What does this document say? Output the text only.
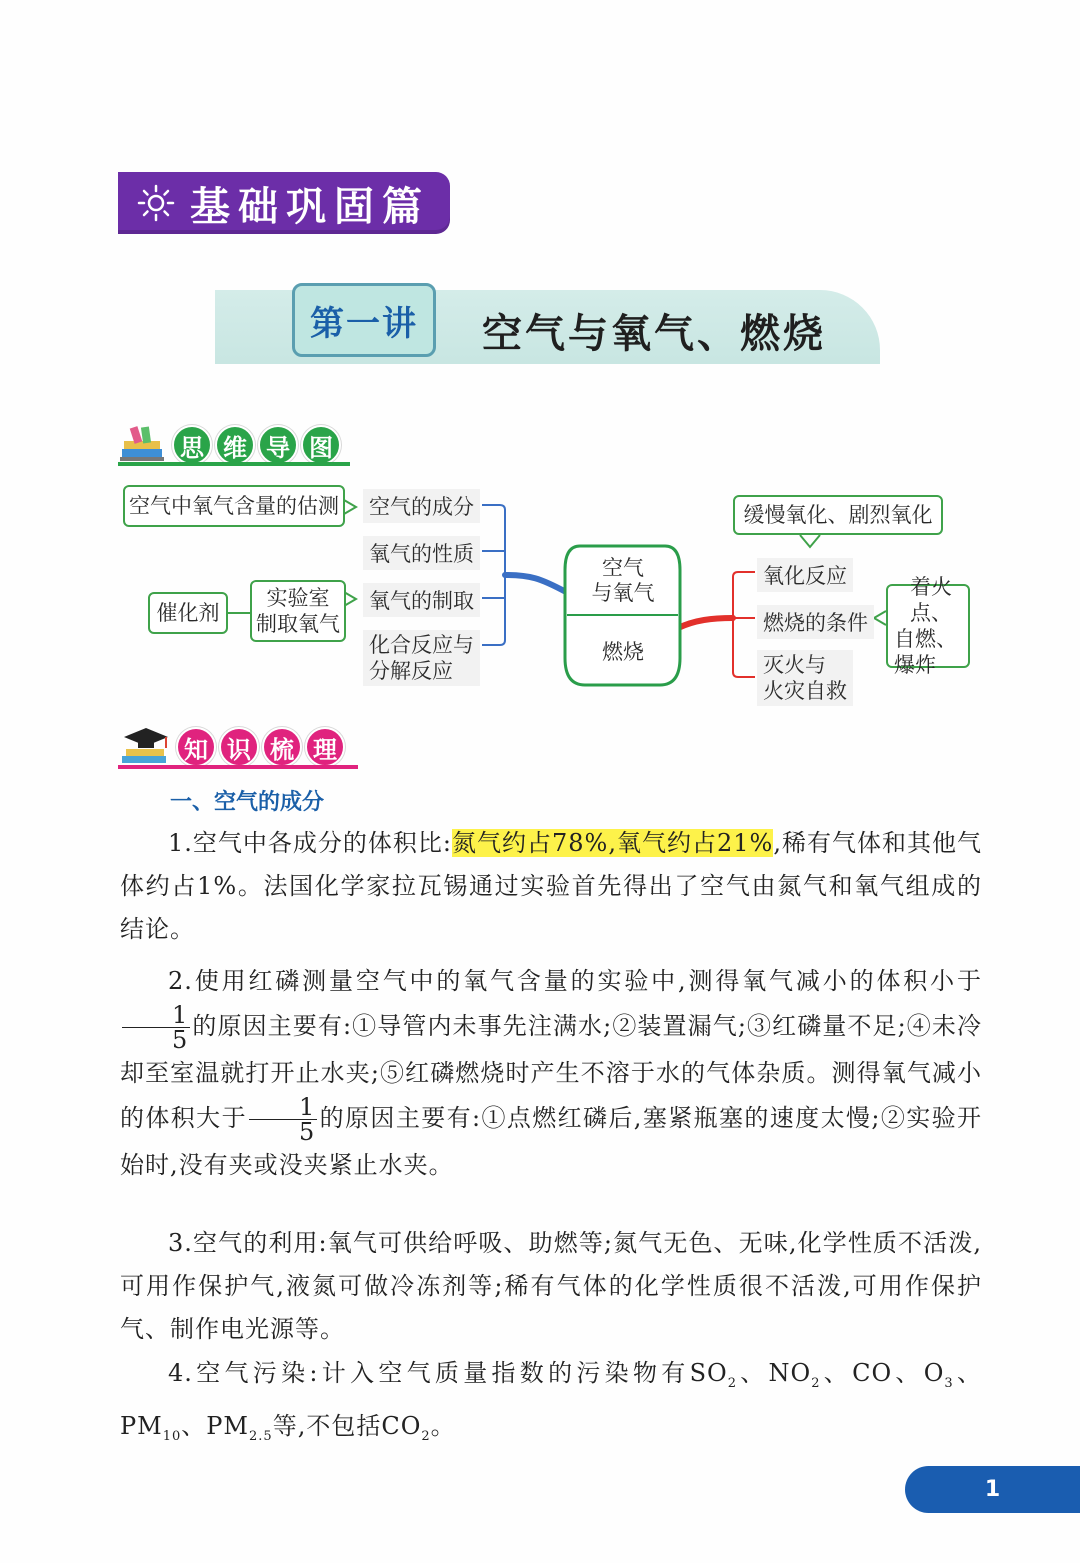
基础巩固篇
第一讲	空气与氧气、燃烧
思 维 导 图
空气中氧气含量的估测 空气的成分
氧气的性质
氧气的制取
化合反应与
分解反应
催化剂
实验室
制取氧气
空气
与氧气
燃烧
缓慢氧化、剧烈氧化
氧化反应
燃烧的条件
灭火与
火灾自救
着火点、
自燃、
爆炸
知 识 梳 理
一、空气的成分
1.空气中各成分的体积比:氮气约占78%,氧气约占21%,稀有气体和其他气体约占1%。法国化学家拉瓦锡通过实验首先得出了空气由氮气和氧气组成的结论。
2.使用红磷测量空气中的氧气含量的实验中,测得氧气减小的体积小于
$\frac{1}{5}$ 的原因主要有:①导管内未事先注满水;②装置漏气;③红磷量不足;④未冷却至室温就打开止水夹;⑤红磷燃烧时产生不溶于水的气体杂质。测得氧气减小的体积大于 $\frac{1}{5}$ 的原因主要有:①点燃红磷后,塞紧瓶塞的速度太慢;②实验开始时,没有夹或没夹紧止水夹。
3.空气的利用:氧气可供给呼吸、助燃等;氮气无色、无味,化学性质不活泼,可用作保护气,液氮可做冷冻剂等;稀有气体的化学性质很不活泼,可用作保护气、制作电光源等。
4.空气污染:计入空气质量指数的污染物有$SO_2$、$NO_2$、CO、$O_3$、$PM_{10}$、$PM_{2.5}$等,不包括$CO_2$。
1
